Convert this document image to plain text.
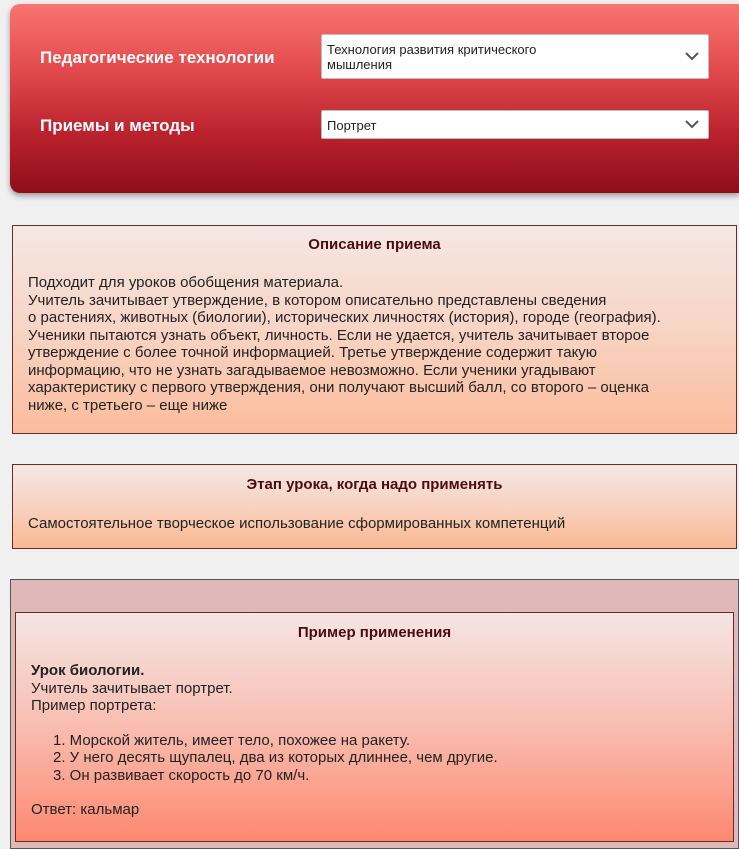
Педагогические технологии	Технология развития критического
мышления
Приемы и методы	Портрет
Описание приема
Подходит для уроков обобщения материала.
Учитель зачитывает утверждение, в котором описательно представлены сведения
о растениях, животных (биологии), исторических личностях (история), городе (география).
Ученики пытаются узнать объект, личность. Если не удается, учитель зачитывает второе
утверждение с более точной информацией. Третье утверждение содержит такую
информацию, что не узнать загадываемое невозможно. Если ученики угадывают
характеристику с первого утверждения, они получают высший балл, со второго – оценка
ниже, с третьего – еще ниже
Этап урока, когда надо применять
Самостоятельное творческое использование сформированных компетенций
Пример применения
Урок биологии.
Учитель зачитывает портрет.
Пример портрета:
1. Морской житель, имеет тело, похожее на ракету.
2. У него десять щупалец, два из которых длиннее, чем другие.
3. Он развивает скорость до 70 км/ч.
Ответ: кальмар
